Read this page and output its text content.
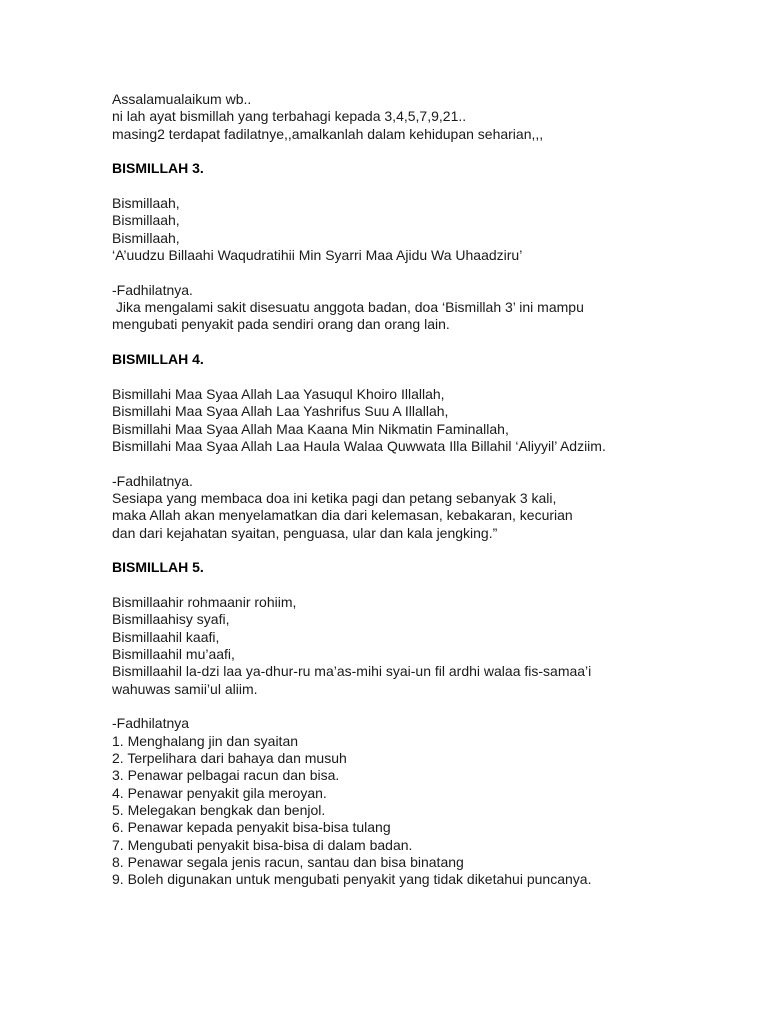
Assalamualaikum wb..
ni lah ayat bismillah yang terbahagi kepada 3,4,5,7,9,21..
masing2 terdapat fadilatnye,,amalkanlah dalam kehidupan seharian,,,
BISMILLAH 3.
Bismillaah,
Bismillaah,
Bismillaah,
‘A’uudzu Billaahi Waqudratihii Min Syarri Maa Ajidu Wa Uhaadziru’
-Fadhilatnya.
Jika mengalami sakit disesuatu anggota badan, doa ‘Bismillah 3’ ini mampu
mengubati penyakit pada sendiri orang dan orang lain.
BISMILLAH 4.
Bismillahi Maa Syaa Allah Laa Yasuqul Khoiro Illallah,
Bismillahi Maa Syaa Allah Laa Yashrifus Suu A Illallah,
Bismillahi Maa Syaa Allah Maa Kaana Min Nikmatin Faminallah,
Bismillahi Maa Syaa Allah Laa Haula Walaa Quwwata Illa Billahil ‘Aliyyil’ Adziim.
-Fadhilatnya.
Sesiapa yang membaca doa ini ketika pagi dan petang sebanyak 3 kali,
maka Allah akan menyelamatkan dia dari kelemasan, kebakaran, kecurian
dan dari kejahatan syaitan, penguasa, ular dan kala jengking.”
BISMILLAH 5.
Bismillaahir rohmaanir rohiim,
Bismillaahisy syafi,
Bismillaahil kaafi,
Bismillaahil mu’aafi,
Bismillaahil la-dzi laa ya-dhur-ru ma’as-mihi syai-un fil ardhi walaa fis-samaa’i
wahuwas samii’ul aliim.
-Fadhilatnya
1. Menghalang jin dan syaitan
2. Terpelihara dari bahaya dan musuh
3. Penawar pelbagai racun dan bisa.
4. Penawar penyakit gila meroyan.
5. Melegakan bengkak dan benjol.
6. Penawar kepada penyakit bisa-bisa tulang
7. Mengubati penyakit bisa-bisa di dalam badan.
8. Penawar segala jenis racun, santau dan bisa binatang
9. Boleh digunakan untuk mengubati penyakit yang tidak diketahui puncanya.
